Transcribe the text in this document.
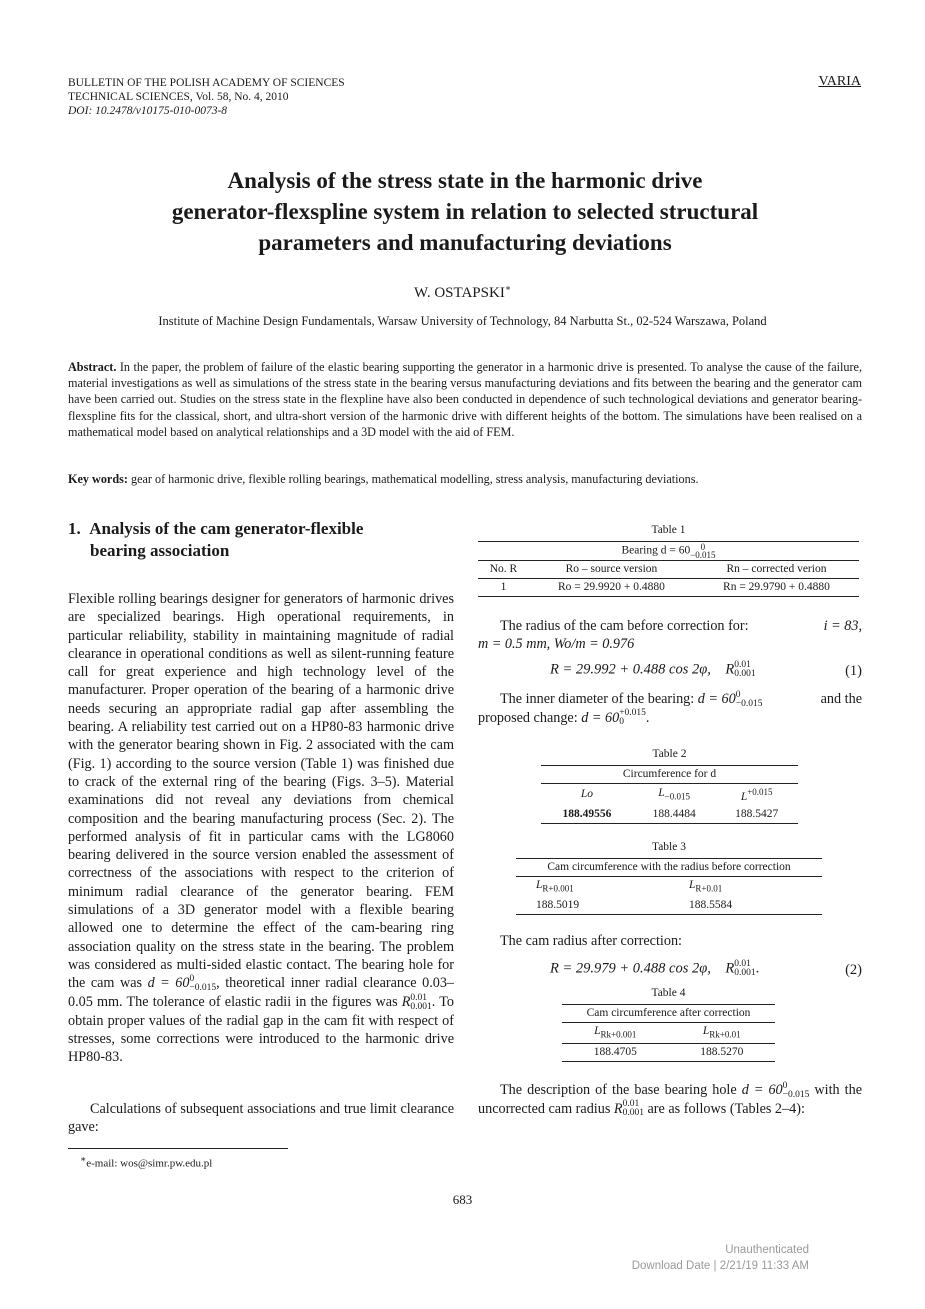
BULLETIN OF THE POLISH ACADEMY OF SCIENCES
TECHNICAL SCIENCES, Vol. 58, No. 4, 2010
DOI: 10.2478/v10175-010-0073-8
VARIA
Analysis of the stress state in the harmonic drive
generator-flexspline system in relation to selected structural
parameters and manufacturing deviations
W. OSTAPSKI∗
Institute of Machine Design Fundamentals, Warsaw University of Technology, 84 Narbutta St., 02-524 Warszawa, Poland
Abstract. In the paper, the problem of failure of the elastic bearing supporting the generator in a harmonic drive is presented. To analyse the cause of the failure, material investigations as well as simulations of the stress state in the bearing versus manufacturing deviations and fits between the bearing and the generator cam have been carried out. Studies on the stress state in the flexpline have also been conducted in dependence of such technological deviations and generator bearing-flexspline fits for the classical, short, and ultra-short version of the harmonic drive with different heights of the bottom. The simulations have been realised on a mathematical model based on analytical relationships and a 3D model with the aid of FEM.
Key words: gear of harmonic drive, flexible rolling bearings, mathematical modelling, stress analysis, manufacturing deviations.
1. Analysis of the cam generator-flexible
bearing association
Flexible rolling bearings designer for generators of harmonic drives are specialized bearings. High operational requirements, in particular reliability, stability in maintaining magnitude of radial clearance in operational conditions as well as silent-running feature call for great experience and high technology level of the manufacturer. Proper operation of the bearing of a harmonic drive needs securing an appropriate radial gap after assembling the bearing. A reliability test carried out on a HP80-83 harmonic drive with the generator bearing shown in Fig. 2 associated with the cam (Fig. 1) according to the source version (Table 1) was finished due to crack of the external ring of the bearing (Figs. 3–5). Material examinations did not reveal any deviations from chemical composition and the bearing manufacturing process (Sec. 2). The performed analysis of fit in particular cams with the LG8060 bearing delivered in the source version enabled the assessment of correctness of the associations with respect to the criterion of minimum radial clearance of the generator bearing. FEM simulations of a 3D generator model with a flexible bearing allowed one to determine the effect of the cam-bearing ring association quality on the stress state in the bearing. The problem was considered as multi-sided elastic contact. The bearing hole for the cam was d = 60 0
−0.015 , theoretical inner radial clearance 0.03–0.05 mm. The tolerance of elastic radii in the figures was R 0.01
0.001 . To obtain proper values of the radial gap in the cam fit with respect of stresses, some corrections were introduced to the harmonic drive HP80-83.
Calculations of subsequent associations and true limit clearance gave:
∗e-mail: wos@simr.pw.edu.pl
Table 1
Bearing d = 60 0
−0.015		

No. R	Ro – source version	Rn – corrected verion
1	Ro = 29.9920 + 0.4880	Rn = 29.9790 + 0.4880
The radius of the cam before correction for:	i = 83,

m = 0.5 mm, Wo/m = 0.976
R = 29.992 + 0.488 cos 2φ, R 0.01
0.001	(1)
The inner diameter of the bearing: d = 60 0
−0.015	and the

proposed change: d = 60 +0.015
0	.
Table 2
Circumference for d		
Lo	$L_{-0.015}$	$L^{+0.015}$
188.49556	188.4484	188.5427
Table 3
Cam circumference with the radius before correction	
$L_{R+0.001}$	$L_{R+0.01}$
188.5019	188.5584
The cam radius after correction:
R = 29.979 + 0.488 cos 2φ, R 0.01
0.001 .	(2)
Table 4
Cam circumference after correction	
$L_{Rk+0.001}$	$L_{Rk+0.01}$
188.4705	188.5270
The description of the base bearing hole d = 60 0
−0.015 with the uncorrected cam radius R 0.01
0.001 are as follows (Tables 2–4):
683
Unauthenticated
Download Date | 2/21/19 11:33 AM
